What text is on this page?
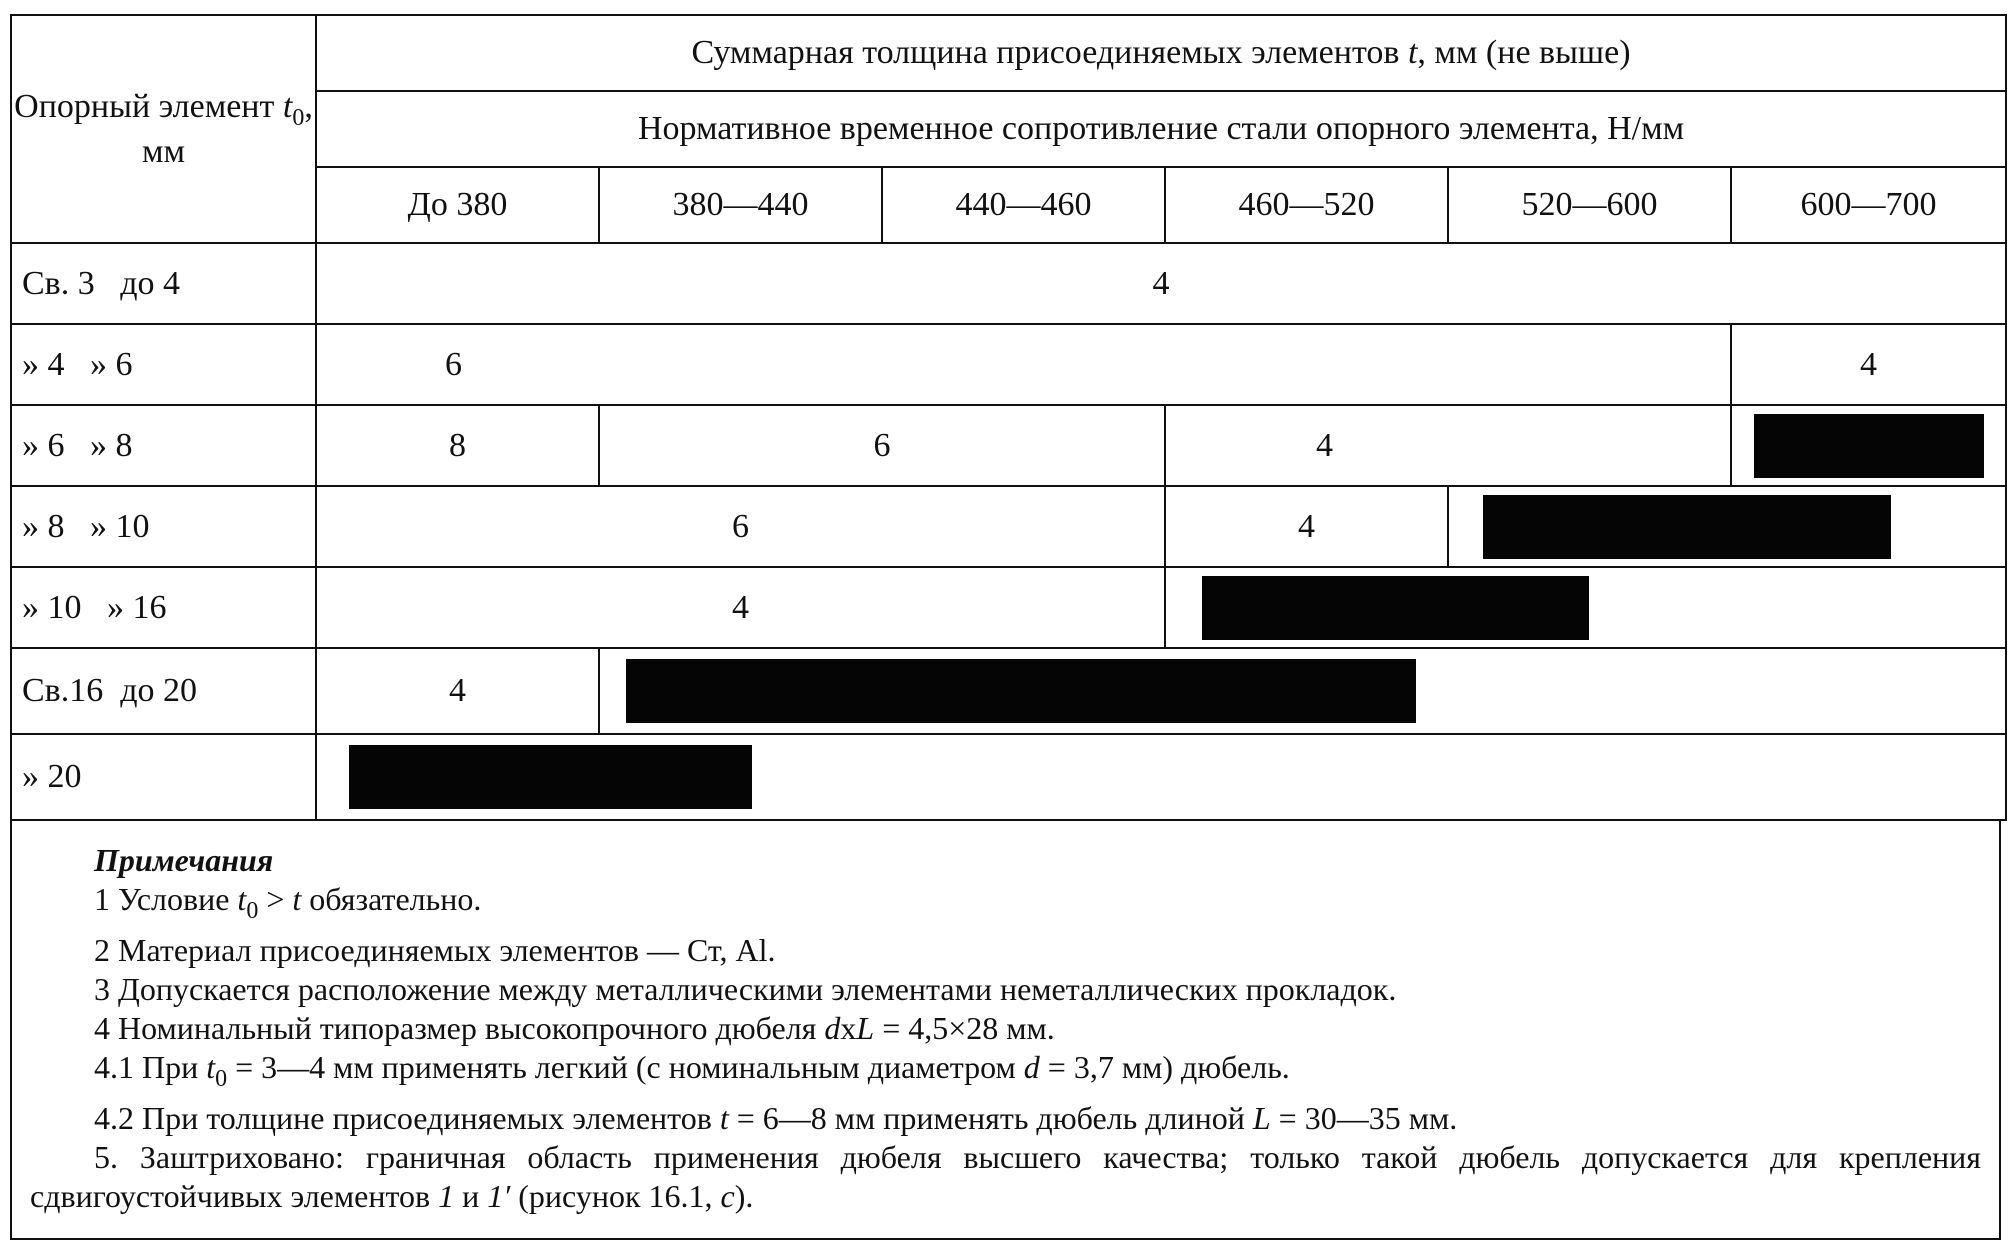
Опорный элемент $t_0$, мм	Суммарная толщина присоединяемых элементов t, мм (не выше)					
	Нормативное временное сопротивление стали опорного элемента, Н/мм					
	До 380	380—440	440—460	460—520	520—600	600—700
Св. 3 до 4	4					
» 4 » 6	6					4
» 6 » 8	8	6		4		
» 8 » 10	6			4		
» 10 » 16	4					
Св.16 до 20	4					
» 20						
Примечания
1 Условие $t_0 > t$ обязательно.
2 Материал присоединяемых элементов — Ст, Al.
3 Допускается расположение между металлическими элементами неметаллических прокладок.
4 Номинальный типоразмер высокопрочного дюбеля dxL = 4,5×28 мм.
4.1 При $t_0$ = 3—4 мм применять легкий (с номинальным диаметром d = 3,7 мм) дюбель.
4.2 При толщине присоединяемых элементов t = 6—8 мм применять дюбель длиной L = 30—35 мм.
5. Заштриховано: граничная область применения дюбеля высшего качества; только такой дюбель допускается для крепления сдвигоустойчивых элементов 1 и 1′ (рисунок 16.1, c).
